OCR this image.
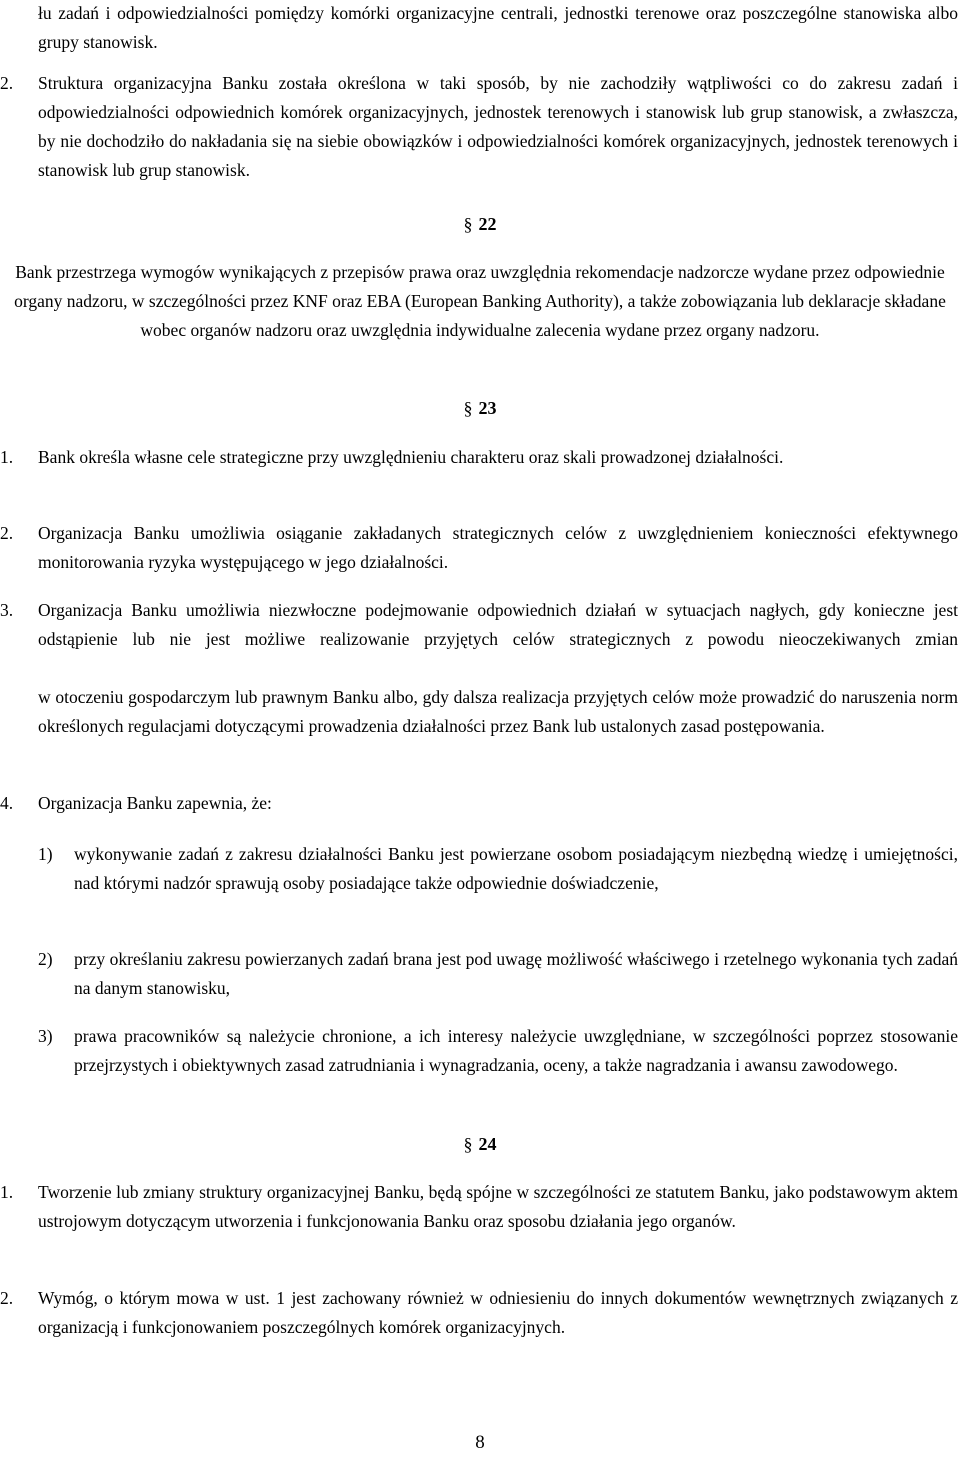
łu zadań i odpowiedzialności pomiędzy komórki organizacyjne centrali, jednostki terenowe oraz poszczególne stanowiska albo grupy stanowisk.
2. Struktura organizacyjna Banku została określona w taki sposób, by nie zachodziły wątpliwości co do zakresu zadań i odpowiedzialności odpowiednich komórek organizacyjnych, jednostek terenowych i stanowisk lub grup stanowisk, a zwłaszcza, by nie dochodziło do nakładania się na siebie obowiązków i odpowiedzialności komórek organizacyjnych, jednostek terenowych i stanowisk lub grup stanowisk.
§ 22
Bank przestrzega wymogów wynikających z przepisów prawa oraz uwzględnia rekomendacje nadzorcze wydane przez odpowiednie organy nadzoru, w szczególności przez KNF oraz EBA (European Banking Authority), a także zobowiązania lub deklaracje składane wobec organów nadzoru oraz uwzględnia indywidualne zalecenia wydane przez organy nadzoru.
§ 23
1. Bank określa własne cele strategiczne przy uwzględnieniu charakteru oraz skali prowadzonej działalności.
2. Organizacja Banku umożliwia osiąganie zakładanych strategicznych celów z uwzględnieniem konieczności efektywnego monitorowania ryzyka występującego w jego działalności.
3. Organizacja Banku umożliwia niezwłoczne podejmowanie odpowiednich działań w sytuacjach nagłych, gdy konieczne jest odstąpienie lub nie jest możliwe realizowanie przyjętych celów strategicznych z powodu nieoczekiwanych zmian
w otoczeniu gospodarczym lub prawnym Banku albo, gdy dalsza realizacja przyjętych celów może prowadzić do naruszenia norm określonych regulacjami dotyczącymi prowadzenia działalności przez Bank lub ustalonych zasad postępowania.
4. Organizacja Banku zapewnia, że:
1) wykonywanie zadań z zakresu działalności Banku jest powierzane osobom posiadającym niezbędną wiedzę i umiejętności, nad którymi nadzór sprawują osoby posiadające także odpowiednie doświadczenie,
2) przy określaniu zakresu powierzanych zadań brana jest pod uwagę możliwość właściwego i rzetelnego wykonania tych zadań na danym stanowisku,
3) prawa pracowników są należycie chronione, a ich interesy należycie uwzględniane, w szczególności poprzez stosowanie przejrzystych i obiektywnych zasad zatrudniania i wynagradzania, oceny, a także nagradzania i awansu zawodowego.
§ 24
1. Tworzenie lub zmiany struktury organizacyjnej Banku, będą spójne w szczególności ze statutem Banku, jako podstawowym aktem ustrojowym dotyczącym utworzenia i funkcjonowania Banku oraz sposobu działania jego organów.
2. Wymóg, o którym mowa w ust. 1 jest zachowany również w odniesieniu do innych dokumentów wewnętrznych związanych z organizacją i funkcjonowaniem poszczególnych komórek organizacyjnych.
8
